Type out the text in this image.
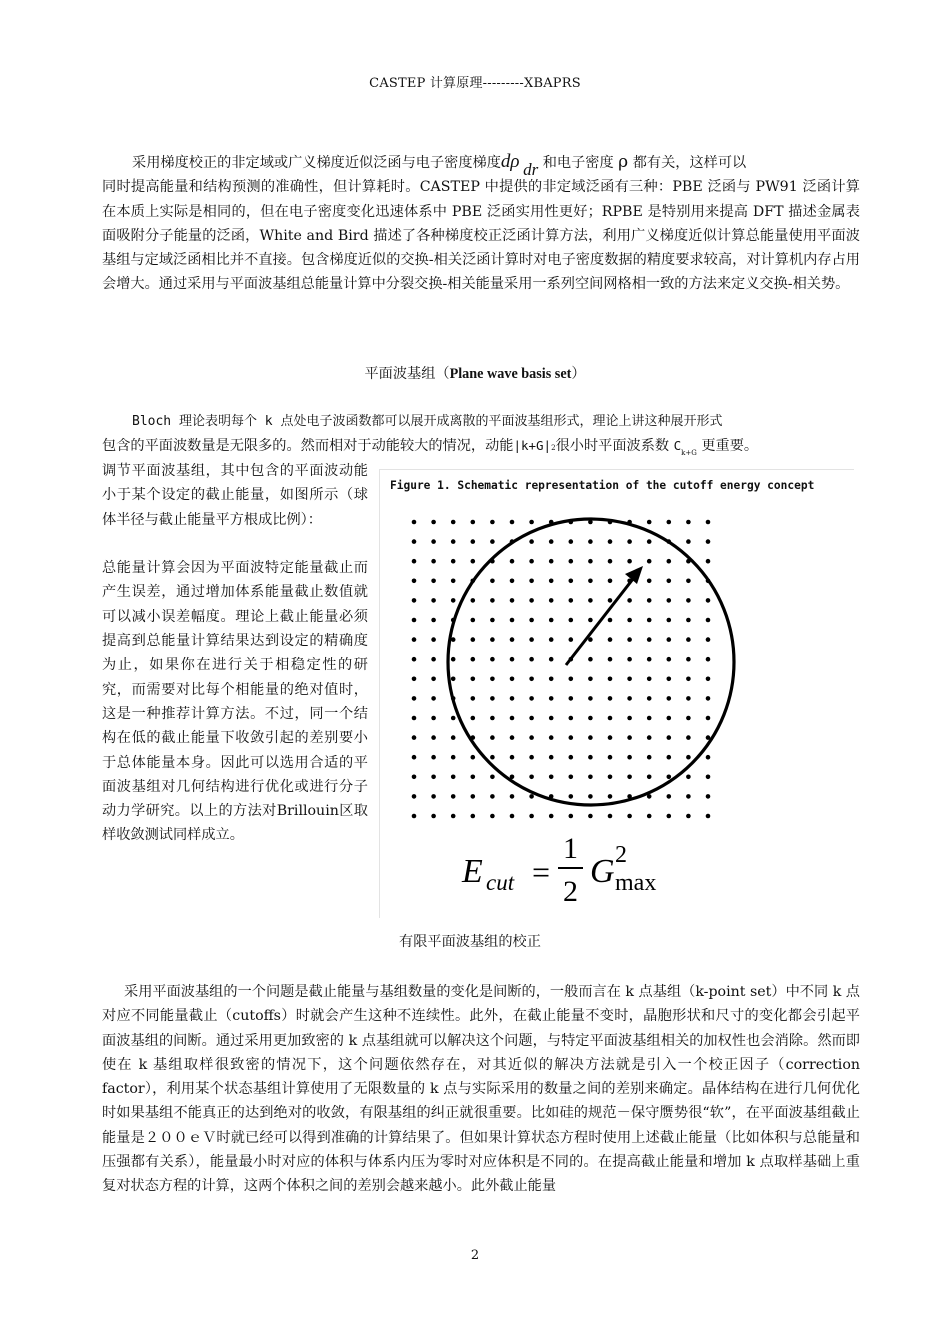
CASTEP 计算原理---------XBAPRS
采用梯度校正的非定域或广义梯度近似泛函与电子密度梯度dρ dr 和电子密度 ρ 都有关，这样可以
同时提高能量和结构预测的准确性，但计算耗时。CASTEP 中提供的非定域泛函有三种：PBE 泛函与 PW91 泛函计算在本质上实际是相同的，但在电子密度变化迅速体系中 PBE 泛函实用性更好；RPBE 是特别用来提高 DFT 描述金属表面吸附分子能量的泛函，White and Bird 描述了各种梯度校正泛函计算方法，利用广义梯度近似计算总能量使用平面波基组与定域泛函相比并不直接。包含梯度近似的交换-相关泛函计算时对电子密度数据的精度要求较高，对计算机内存占用会增大。通过采用与平面波基组总能量计算中分裂交换-相关能量采用一系列空间网格相一致的方法来定义交换-相关势。
平面波基组（Plane wave basis set）
Bloch 理论表明每个 k 点处电子波函数都可以展开成离散的平面波基组形式，理论上讲这种展开形式
包含的平面波数量是无限多的。然而相对于动能较大的情况，动能|k+G|2很小时平面波系数 $C_{k+G}$ 更重要。

调节平面波基组，其中包含的平面波动能小于某个设定的截止能量，如图所示（球体半径与截止能量平方根成比例）：

总能量计算会因为平面波特定能量截止而产生误差，通过增加体系能量截止数值就可以减小误差幅度。理论上截止能量必须提高到总能量计算结果达到设定的精确度为止，如果你在进行关于相稳定性的研究，而需要对比每个相能量的绝对值时，这是一种推荐计算方法。不过，同一个结构在低的截止能量下收敛引起的差别要小于总体能量本身。因此可以选用合适的平面波基组对几何结构进行优化或进行分子动力学研究。以上的方法对Brillouin区取样收敛测试同样成立。

Figure 1. Schematic representation of the cutoff energy concept
E cut =
1
2
G 2
max
有限平面波基组的校正
采用平面波基组的一个问题是截止能量与基组数量的变化是间断的，一般而言在 k 点基组（k-point set）中不同 k 点对应不同能量截止（cutoffs）时就会产生这种不连续性。此外，在截止能量不变时，晶胞形状和尺寸的变化都会引起平面波基组的间断。通过采用更加致密的 k 点基组就可以解决这个问题，与特定平面波基组相关的加权性也会消除。然而即使在 k 基组取样很致密的情况下，这个问题依然存在，对其近似的解决方法就是引入一个校正因子（correction factor），利用某个状态基组计算使用了无限数量的 k 点与实际采用的数量之间的差别来确定。晶体结构在进行几何优化时如果基组不能真正的达到绝对的收敛，有限基组的纠正就很重要。比如硅的规范－保守赝势很“软”，在平面波基组截止能量是２００ｅＶ时就已经可以得到准确的计算结果了。但如果计算状态方程时使用上述截止能量（比如体积与总能量和压强都有关系），能量最小时对应的体积与体系内压为零时对应体积是不同的。在提高截止能量和增加 k 点取样基础上重复对状态方程的计算，这两个体积之间的差别会越来越小。此外截止能量
2
